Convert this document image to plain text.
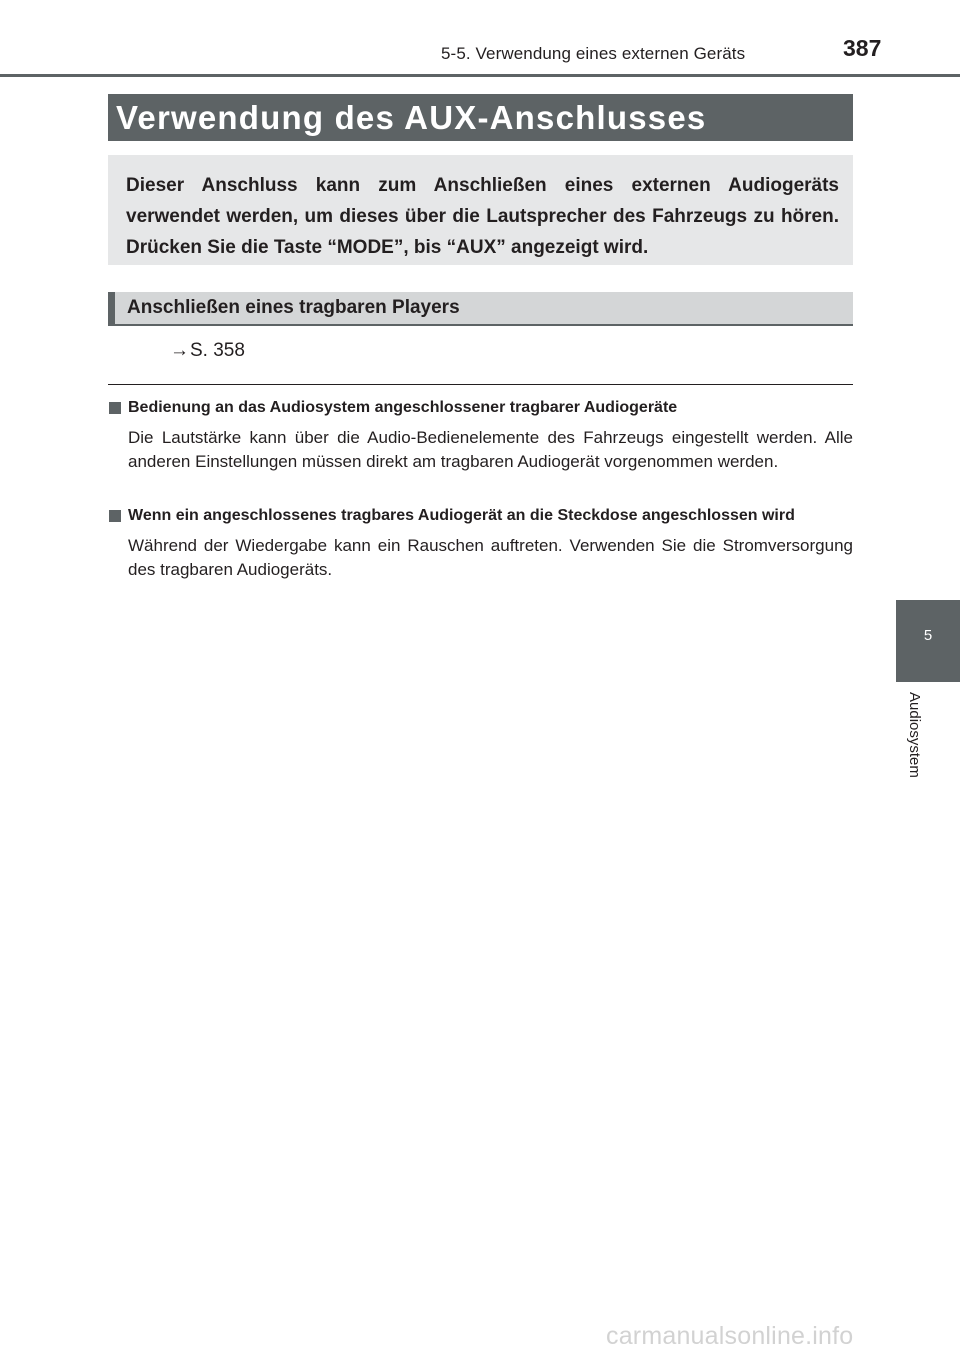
5-5. Verwendung eines externen Geräts	387
Verwendung des AUX-Anschlusses

Dieser Anschluss kann zum Anschließen eines externen Audiogeräts verwendet werden, um dieses über die Lautsprecher des Fahrzeugs zu hören. Drücken Sie die Taste “MODE”, bis “AUX” angezeigt wird.

Anschließen eines tragbaren Players
→S. 358

Bedienung an das Audiosystem angeschlossener tragbarer Audiogeräte

Die Lautstärke kann über die Audio-Bedienelemente des Fahrzeugs eingestellt werden. Alle anderen Einstellungen müssen direkt am tragbaren Audiogerät vorgenommen werden.

Wenn ein angeschlossenes tragbares Audiogerät an die Steckdose angeschlossen wird

Während der Wiedergabe kann ein Rauschen auftreten. Verwenden Sie die Stromversorgung des tragbaren Audiogeräts.

5
Audiosystem
carmanualsonline.info
